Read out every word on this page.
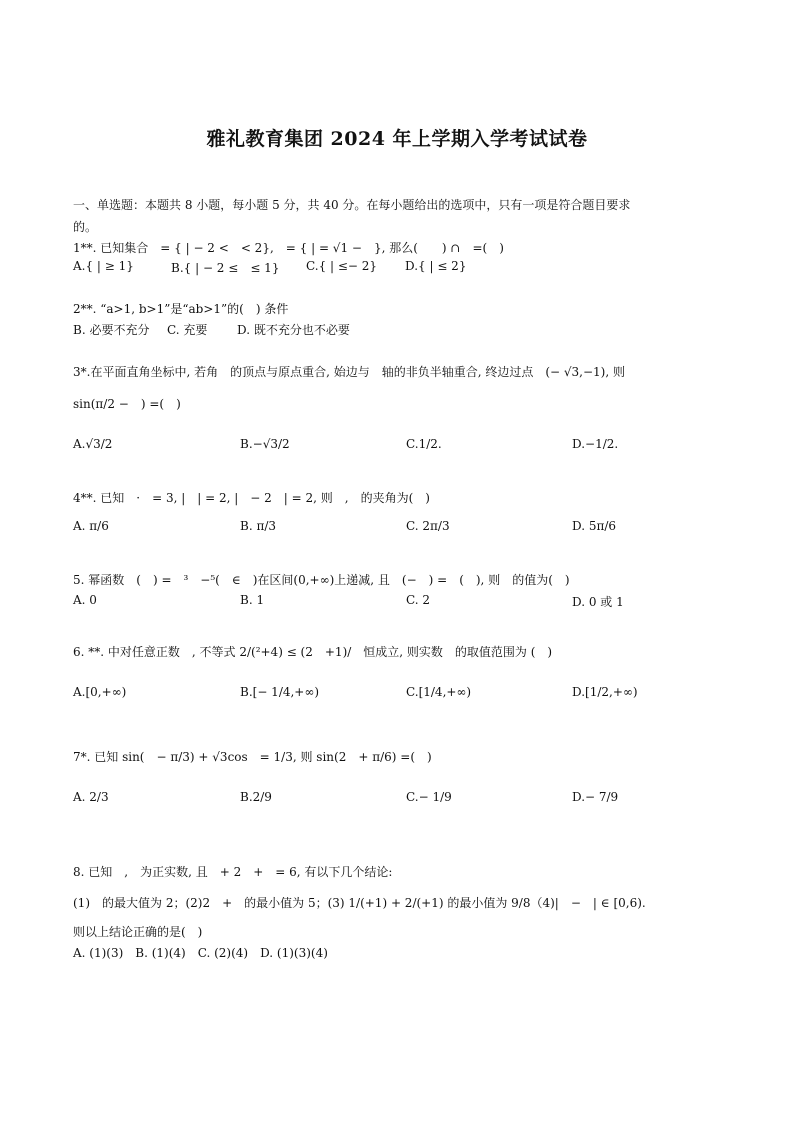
雅礼教育集团 2024 年上学期入学考试试卷
一、单选题：本题共 8 小题，每小题 5 分，共 40 分。在每小题给出的选项中，只有一项是符合题目要求
的。
1**. 已知集合　= { | − 2 <　< 2},　= { | = √1 −　}, 那么(　　) ∩　=(　)
A.{ | ≥ 1}	B.{ | − 2 ≤　≤ 1} C.{ | ≤− 2} D.{ | ≤ 2}
2**. “a>1, b>1”是“ab>1”的(　) 条件
B. 必要不充分 C. 充要 D. 既不充分也不必要
3*.在平面直角坐标中, 若角　的顶点与原点重合, 始边与　轴的非负半轴重合, 终边过点　(− √3,−1), 则
sin(π/2 −　) =(　)
A.√3/2	B.−√3/2	C.1/2.	D.−1/2.
4**. 已知　·　= 3, |　| = 2, |　− 2　| = 2, 则　,　的夹角为(　)
A. π/6	B. π/3	C. 2π/3	D. 5π/6
5. 幂函数　(　) =　³　−⁵(　∈　)在区间(0,+∞)上递减, 且　(−　) =　(　), 则　的值为(　)
A. 0	B. 1	C. 2	D. 0 或 1
6. **. 中对任意正数　, 不等式 2/(²+4) ≤ (2　+1)/　恒成立, 则实数　的取值范围为 (　)
A.[0,+∞)	B.[− 1/4,+∞)	C.[1/4,+∞)	D.[1/2,+∞)
7*. 已知 sin(　− π/3) + √3cos　= 1/3, 则 sin(2　+ π/6) =(　)
A. 2/3	B.2/9	C.− 1/9	D.− 7/9
8. 已知　,　为正实数, 且　+ 2　+　= 6, 有以下几个结论:
(1)　的最大值为 2；(2)2　+　的最小值为 5；(3) 1/(+1) + 2/(+1) 的最小值为 9/8（4)|　−　| ∈ [0,6).
则以上结论正确的是(　)
A. (1)(3)　B. (1)(4)　C. (2)(4)　D. (1)(3)(4)
